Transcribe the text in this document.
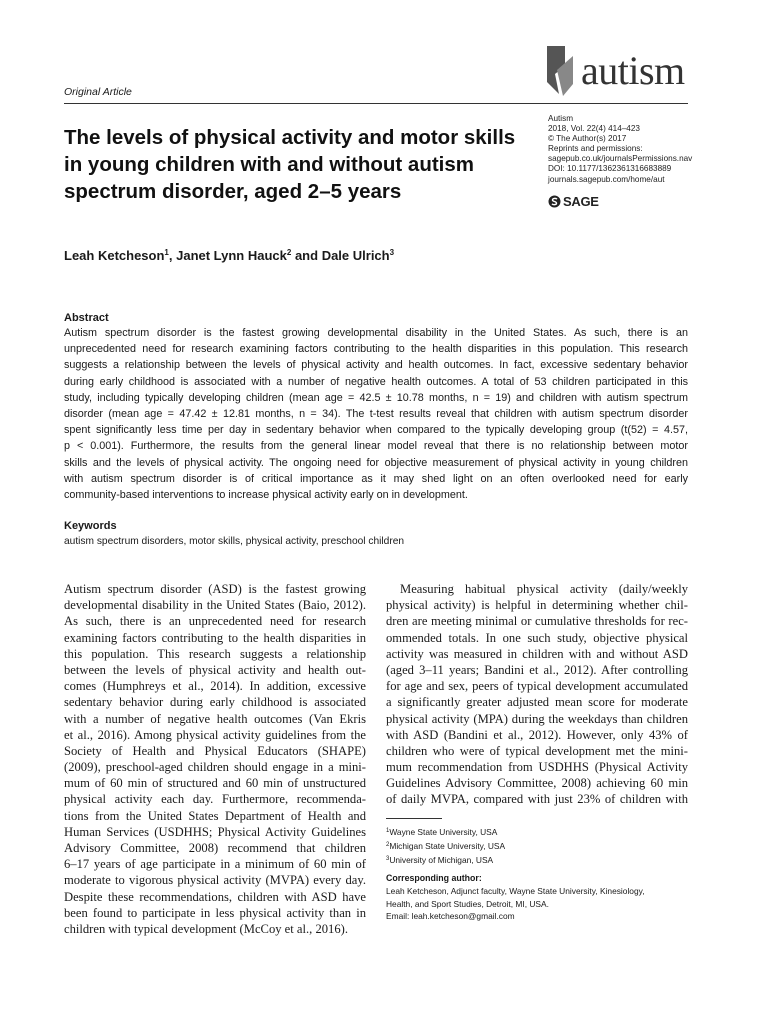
Original Article	autism
Autism
2018, Vol. 22(4) 414–423
© The Author(s) 2017
Reprints and permissions:
sagepub.co.uk/journalsPermissions.nav
DOI: 10.1177/1362361316683889
journals.sagepub.com/home/aut
SAGE
The levels of physical activity and motor skills in young children with and without autism spectrum disorder, aged 2–5 years
Leah Ketcheson$^1$, Janet Lynn Hauck$^2$ and Dale Ulrich$^3$
Abstract
Autism spectrum disorder is the fastest growing developmental disability in the United States. As such, there is an
unprecedented need for research examining factors contributing to the health disparities in this population. This research
suggests a relationship between the levels of physical activity and health outcomes. In fact, excessive sedentary behavior
during early childhood is associated with a number of negative health outcomes. A total of 53 children participated in this
study, including typically developing children (mean age = 42.5 ± 10.78 months, n = 19) and children with autism spectrum
disorder (mean age = 47.42 ± 12.81 months, n = 34). The t-test results reveal that children with autism spectrum disorder
spent significantly less time per day in sedentary behavior when compared to the typically developing group (t(52) = 4.57,
p < 0.001). Furthermore, the results from the general linear model reveal that there is no relationship between motor
skills and the levels of physical activity. The ongoing need for objective measurement of physical activity in young children
with autism spectrum disorder is of critical importance as it may shed light on an often overlooked need for early
community-based interventions to increase physical activity early on in development.
Keywords
autism spectrum disorders, motor skills, physical activity, preschool children
Autism spectrum disorder (ASD) is the fastest growing
developmental disability in the United States (Baio, 2012).
As such, there is an unprecedented need for research
examining factors contributing to the health disparities in
this population. This research suggests a relationship
between the levels of physical activity and health out-
comes (Humphreys et al., 2014). In addition, excessive
sedentary behavior during early childhood is associated
with a number of negative health outcomes (Van Ekris
et al., 2016). Among physical activity guidelines from the
Society of Health and Physical Educators (SHAPE)
(2009), preschool-aged children should engage in a mini-
mum of 60 min of structured and 60 min of unstructured
physical activity each day. Furthermore, recommenda-
tions from the United States Department of Health and
Human Services (USDHHS; Physical Activity Guidelines
Advisory Committee, 2008) recommend that children
6–17 years of age participate in a minimum of 60 min of
moderate to vigorous physical activity (MVPA) every day.
Despite these recommendations, children with ASD have
been found to participate in less physical activity than in
children with typical development (McCoy et al., 2016).
Measuring habitual physical activity (daily/weekly
physical activity) is helpful in determining whether chil-
dren are meeting minimal or cumulative thresholds for rec-
ommended totals. In one such study, objective physical
activity was measured in children with and without ASD
(aged 3–11 years; Bandini et al., 2012). After controlling
for age and sex, peers of typical development accumulated
a significantly greater adjusted mean score for moderate
physical activity (MPA) during the weekdays than children
with ASD (Bandini et al., 2012). However, only 43% of
children who were of typical development met the mini-
mum recommendation from USDHHS (Physical Activity
Guidelines Advisory Committee, 2008) achieving 60 min
of daily MVPA, compared with just 23% of children with
$^1$Wayne State University, USA
$^2$Michigan State University, USA
$^3$University of Michigan, USA
Corresponding author:
Leah Ketcheson, Adjunct faculty, Wayne State University, Kinesiology,
Health, and Sport Studies, Detroit, MI, USA.
Email: leah.ketcheson@gmail.com
